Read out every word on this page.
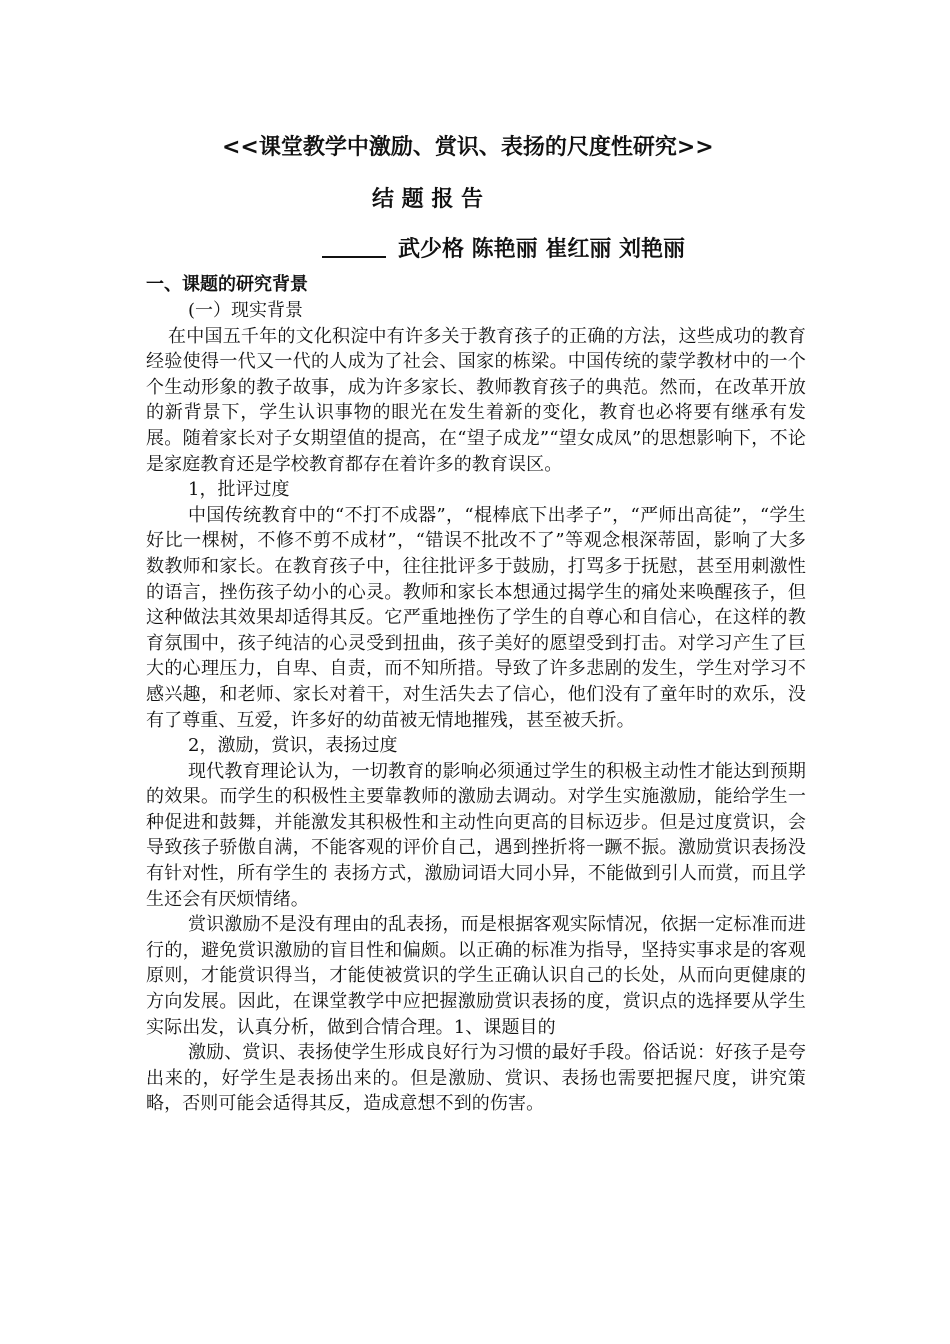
<<课堂教学中激励、赏识、表扬的尺度性研究>>
结 题 报 告
武少格 陈艳丽 崔红丽 刘艳丽

一、课题的研究背景

(一）现实背景

在中国五千年的文化积淀中有许多关于教育孩子的正确的方法，这些成功的教育经验使得一代又一代的人成为了社会、国家的栋梁。中国传统的蒙学教材中的一个个生动形象的教子故事，成为许多家长、教师教育孩子的典范。然而，在改革开放的新背景下，学生认识事物的眼光在发生着新的变化，教育也必将要有继承有发展。随着家长对子女期望值的提高，在“望子成龙”“望女成凤”的思想影响下，不论是家庭教育还是学校教育都存在着许多的教育误区。

1，批评过度

中国传统教育中的“不打不成器”，“棍棒底下出孝子”，“严师出高徒”，“学生好比一棵树，不修不剪不成材”，“错误不批改不了”等观念根深蒂固，影响了大多数教师和家长。在教育孩子中，往往批评多于鼓励，打骂多于抚慰，甚至用刺激性的语言，挫伤孩子幼小的心灵。教师和家长本想通过揭学生的痛处来唤醒孩子，但这种做法其效果却适得其反。它严重地挫伤了学生的自尊心和自信心，在这样的教育氛围中，孩子纯洁的心灵受到扭曲，孩子美好的愿望受到打击。对学习产生了巨大的心理压力，自卑、自责，而不知所措。导致了许多悲剧的发生，学生对学习不感兴趣，和老师、家长对着干，对生活失去了信心，他们没有了童年时的欢乐，没有了尊重、互爱，许多好的幼苗被无情地摧残，甚至被夭折。

2，激励，赏识，表扬过度

现代教育理论认为，一切教育的影响必须通过学生的积极主动性才能达到预期的效果。而学生的积极性主要靠教师的激励去调动。对学生实施激励，能给学生一种促进和鼓舞，并能激发其积极性和主动性向更高的目标迈步。但是过度赏识，会导致孩子骄傲自满，不能客观的评价自己，遇到挫折将一蹶不振。激励赏识表扬没有针对性，所有学生的 表扬方式，激励词语大同小异，不能做到引人而赏，而且学生还会有厌烦情绪。

赏识激励不是没有理由的乱表扬，而是根据客观实际情况，依据一定标准而进行的，避免赏识激励的盲目性和偏颇。以正确的标准为指导，坚持实事求是的客观原则，才能赏识得当，才能使被赏识的学生正确认识自己的长处，从而向更健康的方向发展。因此，在课堂教学中应把握激励赏识表扬的度，赏识点的选择要从学生实际出发，认真分析，做到合情合理。1、课题目的

激励、赏识、表扬使学生形成良好行为习惯的最好手段。俗话说：好孩子是夸出来的，好学生是表扬出来的。但是激励、赏识、表扬也需要把握尺度，讲究策略，否则可能会适得其反，造成意想不到的伤害。
